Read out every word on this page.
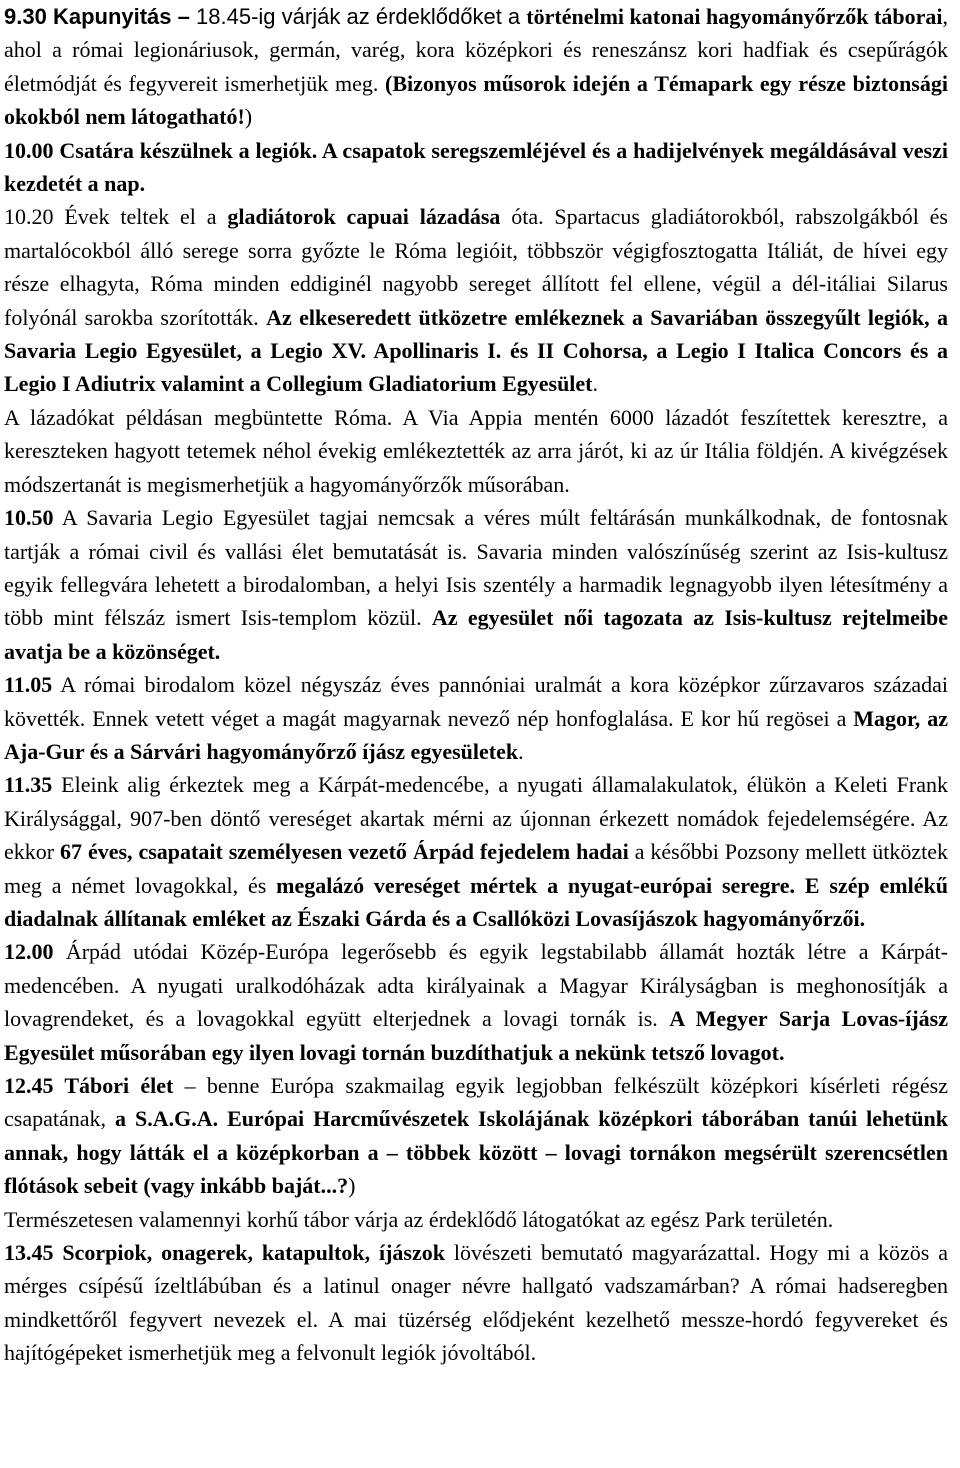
9.30 Kapunyitás – 18.45-ig várják az érdeklődőket a történelmi katonai hagyományőrzők táborai, ahol a római legionáriusok, germán, varég, kora középkori és reneszánsz kori hadfiak és csepűrágók életmódját és fegyvereit ismerhetjük meg. (Bizonyos műsorok idején a Témapark egy része biztonsági okokból nem látogatható!)

10.00 Csatára készülnek a legiók. A csapatok seregszemléjével és a hadijelvények megáldásával veszi kezdetét a nap.

10.20 Évek teltek el a gladiátorok capuai lázadása óta. Spartacus gladiátorokból, rabszolgákból és martalócokból álló serege sorra győzte le Róma legióit, többször végigfosztogatta Itáliát, de hívei egy része elhagyta, Róma minden eddiginél nagyobb sereget állított fel ellene, végül a dél-itáliai Silarus folyónál sarokba szorították. Az elkeseredett ütközetre emlékeznek a Savariában összegyűlt legiók, a Savaria Legio Egyesület, a Legio XV. Apollinaris I. és II Cohorsa, a Legio I Italica Concors és a Legio I Adiutrix valamint a Collegium Gladiatorium Egyesület.

A lázadókat példásan megbüntette Róma. A Via Appia mentén 6000 lázadót feszítettek keresztre, a kereszteken hagyott tetemek néhol évekig emlékeztették az arra járót, ki az úr Itália földjén. A kivégzések módszertanát is megismerhetjük a hagyományőrzők műsorában.

10.50 A Savaria Legio Egyesület tagjai nemcsak a véres múlt feltárásán munkálkodnak, de fontosnak tartják a római civil és vallási élet bemutatását is. Savaria minden valószínűség szerint az Isis-kultusz egyik fellegvára lehetett a birodalomban, a helyi Isis szentély a harmadik legnagyobb ilyen létesítmény a több mint félszáz ismert Isis-templom közül. Az egyesület női tagozata az Isis-kultusz rejtelmeibe avatja be a közönséget.

11.05 A római birodalom közel négyszáz éves pannóniai uralmát a kora középkor zűrzavaros századai követték. Ennek vetett véget a magát magyarnak nevező nép honfoglalása. E kor hű regösei a Magor, az Aja-Gur és a Sárvári hagyományőrző íjász egyesületek.

11.35 Eleink alig érkeztek meg a Kárpát-medencébe, a nyugati államalakulatok, élükön a Keleti Frank Királysággal, 907-ben döntő vereséget akartak mérni az újonnan érkezett nomádok fejedelemségére. Az ekkor 67 éves, csapatait személyesen vezető Árpád fejedelem hadai a későbbi Pozsony mellett ütköztek meg a német lovagokkal, és megalázó vereséget mértek a nyugat-európai seregre. E szép emlékű diadalnak állítanak emléket az Északi Gárda és a Csallóközi Lovasíjászok hagyományőrzői.

12.00 Árpád utódai Közép-Európa legerősebb és egyik legstabilabb államát hozták létre a Kárpát-medencében. A nyugati uralkodóházak adta királyainak a Magyar Királyságban is meghonosítják a lovagrendeket, és a lovagokkal együtt elterjednek a lovagi tornák is. A Megyer Sarja Lovas-íjász Egyesület műsorában egy ilyen lovagi tornán buzdíthatjuk a nekünk tetsző lovagot.

12.45 Tábori élet – benne Európa szakmailag egyik legjobban felkészült középkori kísérleti régész csapatának, a S.A.G.A. Európai Harcművészetek Iskolájának középkori táborában tanúi lehetünk annak, hogy látták el a középkorban a – többek között – lovagi tornákon megsérült szerencsétlen flótások sebeit (vagy inkább baját...?)

Természetesen valamennyi korhű tábor várja az érdeklődő látogatókat az egész Park területén.

13.45 Scorpiok, onagerek, katapultok, íjászok lövészeti bemutató magyarázattal. Hogy mi a közös a mérges csípésű ízeltlábúban és a latinul onager névre hallgató vadszamárban? A római hadseregben mindkettőről fegyvert nevezek el. A mai tüzérség elődjeként kezelhető messze-hordó fegyvereket és hajítógépeket ismerhetjük meg a felvonult legiók jóvoltából.
